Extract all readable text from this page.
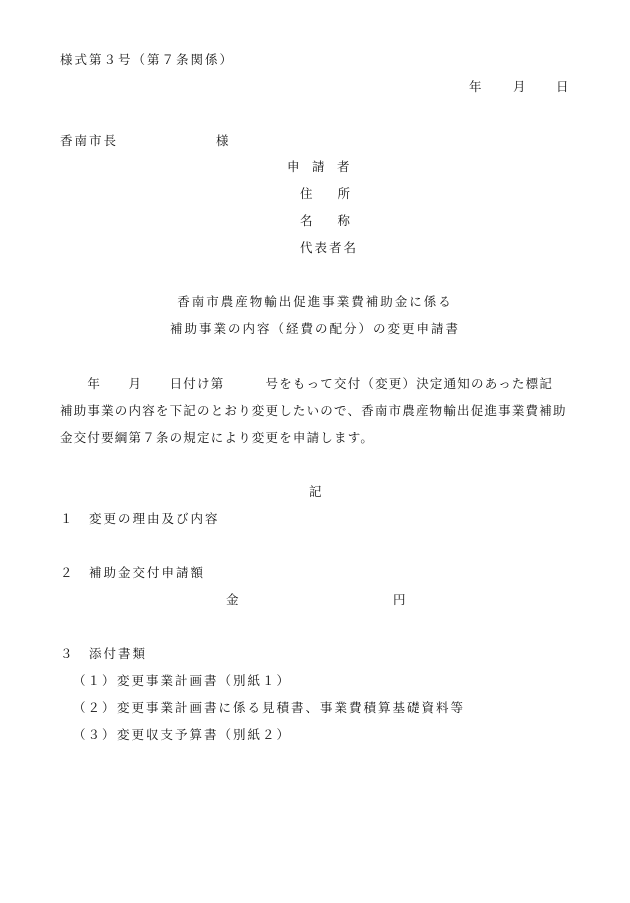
様式第３号（第７条関係）
年	月 日
香南市長	様
申　請　者
住　　所
名　　称
代表者名
香南市農産物輸出促進事業費補助金に係る
補助事業の内容（経費の配分）の変更申請書

　　年　　月　　日付け第　　　号をもって交付（変更）決定通知のあった標記

補助事業の内容を下記のとおり変更したいので、香南市農産物輸出促進事業費補助

金交付要綱第７条の規定により変更を申請します。

記
１ 変更の理由及び内容
２ 補助金交付申請額
金	円
３ 添付書類
（１） 変更事業計画書（別紙１）
（２） 変更事業計画書に係る見積書、事業費積算基礎資料等
（３） 変更収支予算書（別紙２）
